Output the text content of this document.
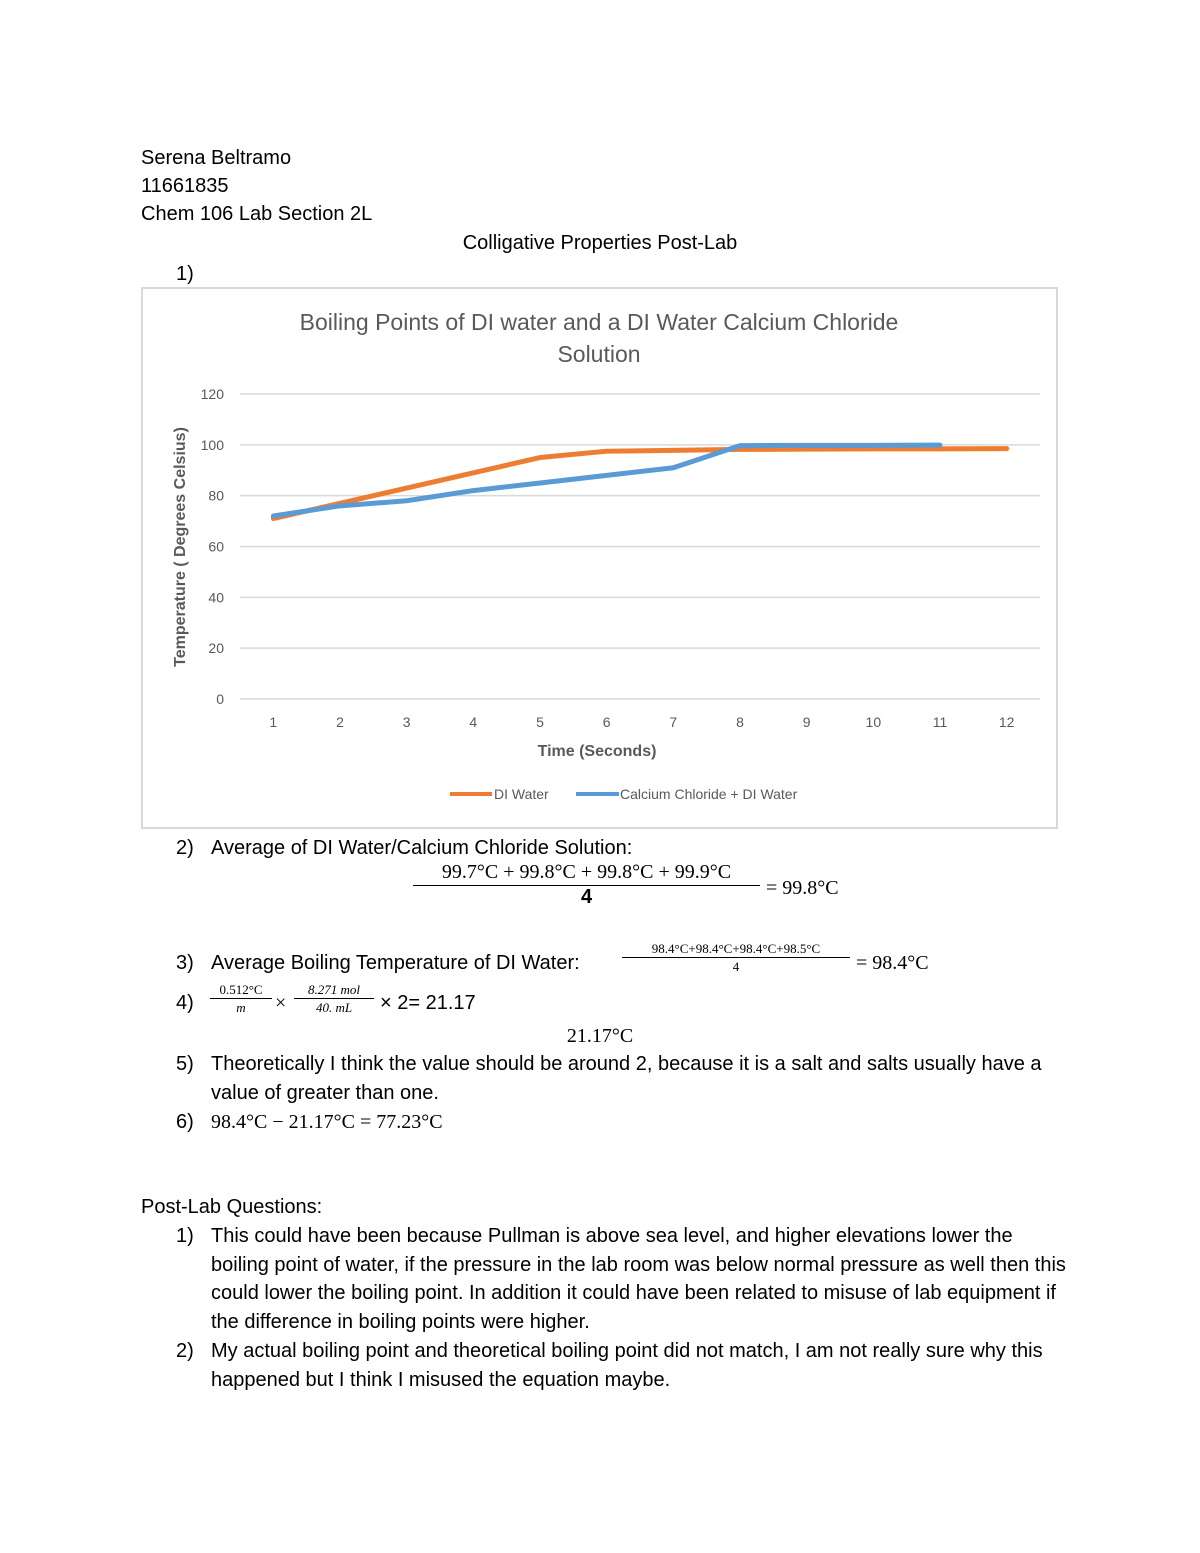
Serena Beltramo
11661835
Chem 106 Lab Section 2L
Colligative Properties Post-Lab
1)
Boiling Points of DI water and a DI Water Calcium Chloride
Solution
0
20
40
60
80
100
120
1	2	3	4	5	6	7	8	9	10	11	12
Time (Seconds)
Temperature ( Degrees Celsius)
DI Water	Calcium Chloride + DI Water
2) Average of DI Water/Calcium Chloride Solution:
$\frac{99.7^\circ C + 99.8^\circ C + 99.8^\circ C + 99.9^\circ C}{4} = 99.8^\circ C$
3) Average Boiling Temperature of DI Water:	$\frac{98.4^\circ C+98.4^\circ C+98.4^\circ C+98.5^\circ C}{4} = 98.4^\circ C$
$4) \frac{0.512^\circ C}{m}$ ×
8.271 mol
40. mL	× 2= 21.17
21.17°C
5) Theoretically I think the value should be around 2, because it is a salt and salts usually have a value of greater than one.
6) 98.4°C − 21.17°C = 77.23°C
Post-Lab Questions:
1) This could have been because Pullman is above sea level, and higher elevations lower the boiling point of water, if the pressure in the lab room was below normal pressure as well then this could lower the boiling point. In addition it could have been related to misuse of lab equipment if the difference in boiling points were higher.
2) My actual boiling point and theoretical boiling point did not match, I am not really sure why this happened but I think I misused the equation maybe.
